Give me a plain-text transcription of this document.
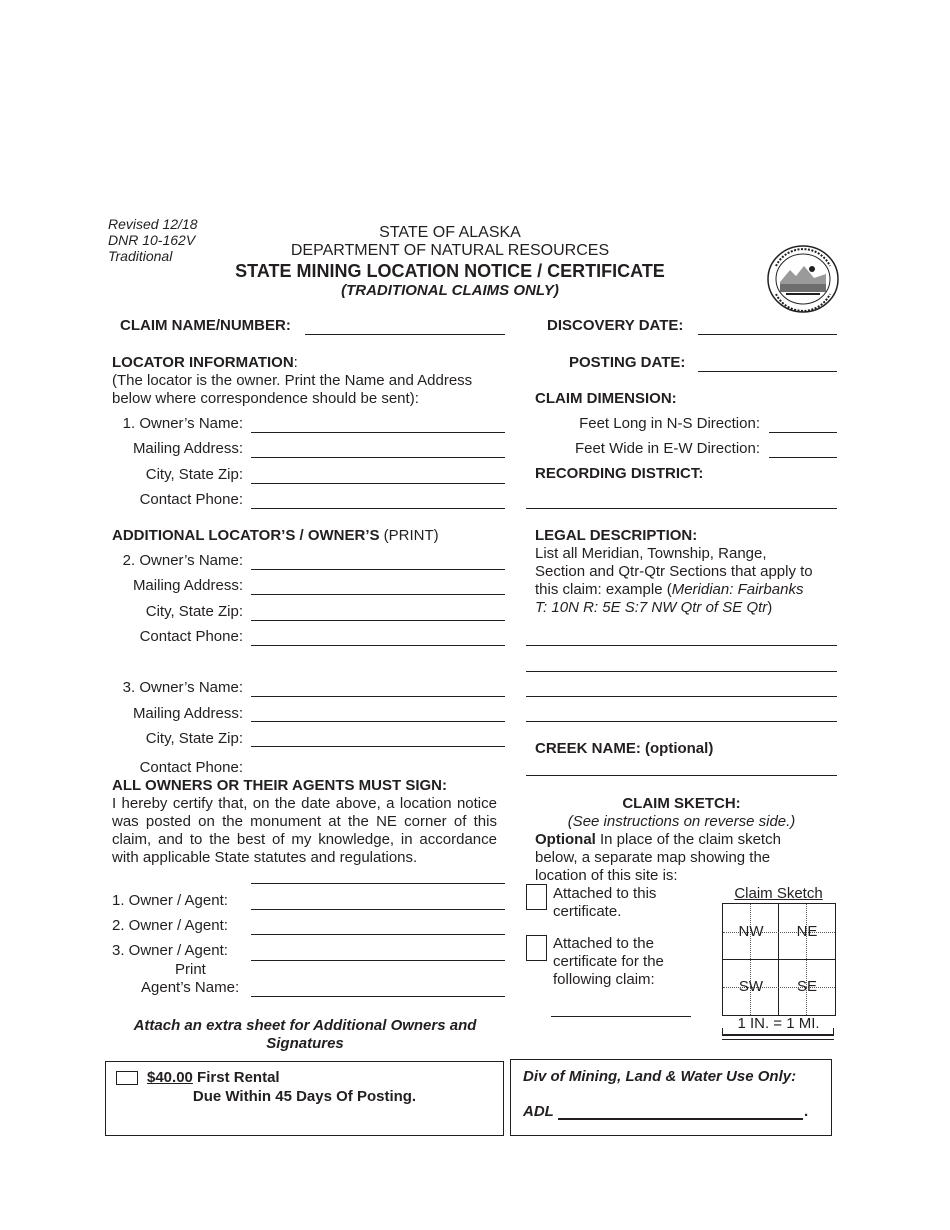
Revised 12/18
DNR 10-162V
Traditional
STATE OF ALASKA
DEPARTMENT OF NATURAL RESOURCES
STATE MINING LOCATION NOTICE / CERTIFICATE
(TRADITIONAL CLAIMS ONLY)
CLAIM NAME/NUMBER:	DISCOVERY DATE:
POSTING DATE:
LOCATOR INFORMATION:
(The locator is the owner. Print the Name and Address
below where correspondence should be sent):
1. Owner’s Name:
Mailing Address:
City, State Zip:
Contact Phone:
CLAIM DIMENSION:
Feet Long in N-S Direction:
Feet Wide in E-W Direction:
RECORDING DISTRICT:
ADDITIONAL LOCATOR’S / OWNER’S (PRINT)
2. Owner’s Name:
Mailing Address:
City, State Zip:
Contact Phone:
3. Owner’s Name:
Mailing Address:
City, State Zip:
Contact Phone:
LEGAL DESCRIPTION:
List all Meridian, Township, Range,
Section and Qtr-Qtr Sections that apply to
this claim: example (Meridian: Fairbanks
T: 10N R: 5E S:7 NW Qtr of SE Qtr)
CREEK NAME: (optional)
ALL OWNERS OR THEIR AGENTS MUST SIGN:
I hereby certify that, on the date above, a location notice was posted on the monument at the NE corner of this claim, and to the best of my knowledge, in accordance with applicable State statutes and regulations.
1. Owner / Agent:
2. Owner / Agent:
3. Owner / Agent:
Print
Agent’s Name:
Attach an extra sheet for Additional Owners and Signatures
CLAIM SKETCH:
(See instructions on reverse side.)
Optional In place of the claim sketch
below, a separate map showing the
location of this site is:
Attached to this
certificate.
Attached to the
certificate for the
following claim:
Claim Sketch
NW	NE
SW	SE
1 IN. = 1 MI.
$40.00 First Rental
Due Within 45 Days Of Posting.
Div of Mining, Land & Water Use Only:
ADL	.
